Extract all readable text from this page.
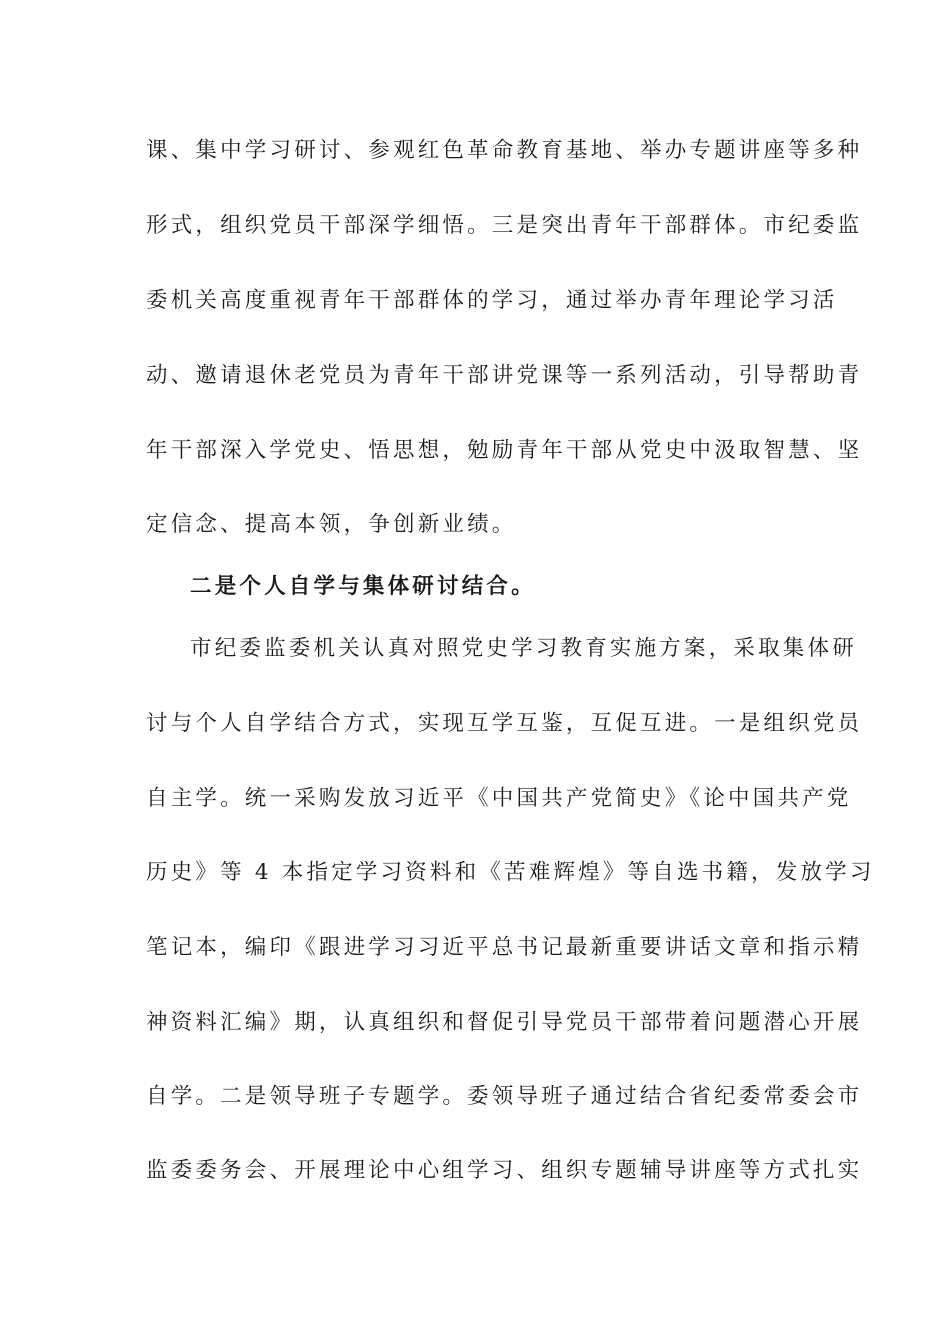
课、集中学习研讨、参观红色革命教育基地、举办专题讲座等多种
形式，组织党员干部深学细悟。三是突出青年干部群体。市纪委监
委机关高度重视青年干部群体的学习，通过举办青年理论学习活
动、邀请退休老党员为青年干部讲党课等一系列活动，引导帮助青
年干部深入学党史、悟思想，勉励青年干部从党史中汲取智慧、坚
定信念、提高本领，争创新业绩。
二是个人自学与集体研讨结合。
市纪委监委机关认真对照党史学习教育实施方案，采取集体研
讨与个人自学结合方式，实现互学互鉴，互促互进。一是组织党员
自主学。统一采购发放习近平《中国共产党简史》《论中国共产党
历史》等 4 本指定学习资料和《苦难辉煌》等自选书籍，发放学习
笔记本，编印《跟进学习习近平总书记最新重要讲话文章和指示精
神资料汇编》期，认真组织和督促引导党员干部带着问题潜心开展
自学。二是领导班子专题学。委领导班子通过结合省纪委常委会市
监委委务会、开展理论中心组学习、组织专题辅导讲座等方式扎实
